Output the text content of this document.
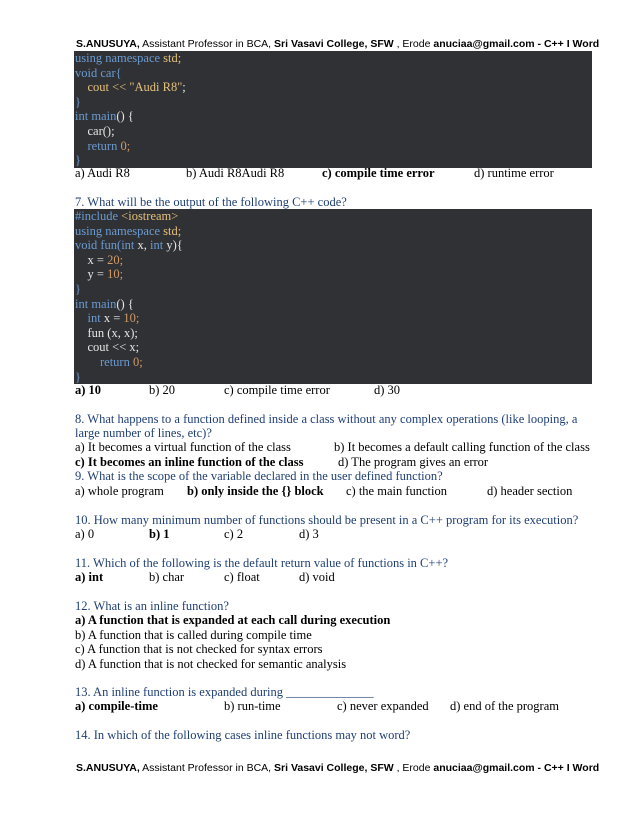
S.ANUSUYA, Assistant Professor in BCA, Sri Vasavi College, SFW , Erode anuciaa@gmail.com - C++ I Word
using namespace std;
void car{
cout << "Audi R8";
}
int main() {
car();
return 0;
}
a) Audi R8	b) Audi R8Audi R8	c) compile time error	d) runtime error
7. What will be the output of the following C++ code?
#include <iostream>
using namespace std;
void fun(int x, int y){
x = 20;
y = 10;
}
int main() {
int x = 10;
fun (x, x);
cout << x;
return 0;
}
a) 10	b) 20	c) compile time error	d) 30
8. What happens to a function defined inside a class without any complex operations (like looping, a
large number of lines, etc)?
a) It becomes a virtual function of the class	b) It becomes a default calling function of the class
c) It becomes an inline function of the class	d) The program gives an error
9. What is the scope of the variable declared in the user defined function?
a) whole program b) only inside the {} block c) the main function	d) header section
10. How many minimum number of functions should be present in a C++ program for its execution?
a) 0	b) 1	c) 2	d) 3
11. Which of the following is the default return value of functions in C++?
a) int	b) char	c) float	d) void
12. What is an inline function?
a) A function that is expanded at each call during execution
b) A function that is called during compile time
c) A function that is not checked for syntax errors
d) A function that is not checked for semantic analysis
13. An inline function is expanded during ______________
a) compile-time	b) run-time	c) never expanded d) end of the program
14. In which of the following cases inline functions may not word?
S.ANUSUYA, Assistant Professor in BCA, Sri Vasavi College, SFW , Erode anuciaa@gmail.com - C++ I Word
